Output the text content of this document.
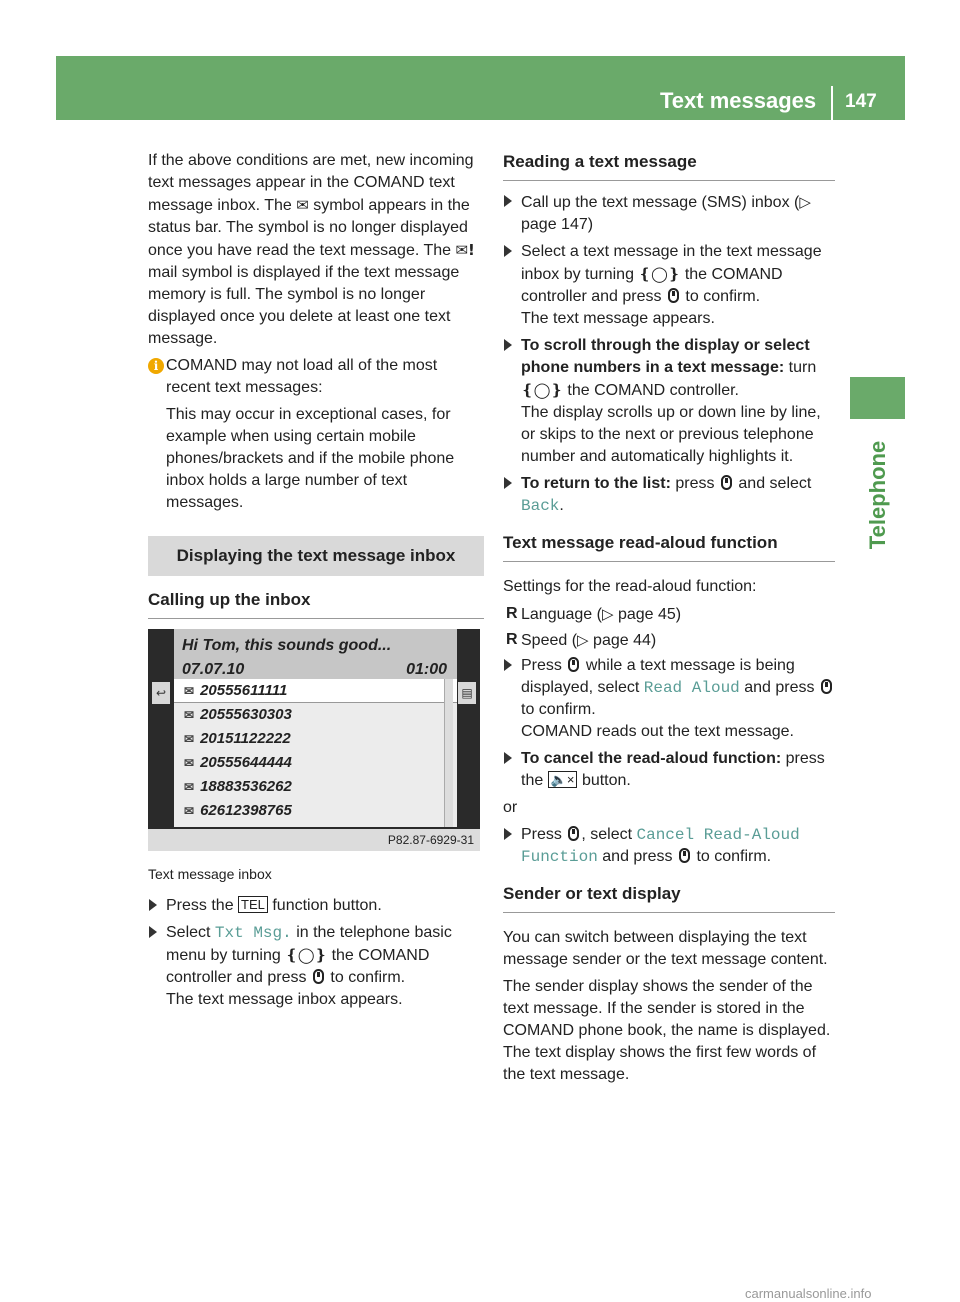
Text messages 147
Telephone

If the above conditions are met, new incoming text messages appear in the COMAND text message inbox. The ✉ symbol appears in the status bar. The symbol is no longer displayed once you have read the text message. The ✉! mail symbol is displayed if the text message memory is full. The symbol is no longer displayed once you delete at least one text message.

i COMAND may not load all of the most recent text messages:

This may occur in exceptional cases, for example when using certain mobile phones/brackets and if the mobile phone inbox holds a large number of text messages.

Displaying the text message inbox
Calling up the inbox
Hi Tom, this sounds good...
07.07.10	01:00
↩	▤
✉ 20555611111
✉ 20555630303
✉ 20151122222
✉ 20555644444
✉ 18883536262
✉ 62612398765
P82.87-6929-31

Text message inbox

Press the TEL function button.
Select Txt Msg. in the telephone basic menu by turning ❴◯❵ the COMAND controller and press to confirm.

The text message inbox appears.

Reading a text message
Call up the text message (SMS) inbox (▷ page 147)
Select a text message in the text message inbox by turning ❴◯❵ the COMAND controller and press to confirm.

The text message appears.

To scroll through the display or select phone numbers in a text message: turn ❴◯❵ the COMAND controller.

The display scrolls up or down line by line, or skips to the next or previous telephone number and automatically highlights it.

To return to the list: press and select Back.
Text message read-aloud function

Settings for the read-aloud function:

R Language (▷ page 45)
R Speed (▷ page 44)
Press while a text message is being displayed, select Read Aloud and press  to confirm.

COMAND reads out the text message.

To cancel the read-aloud function: press the 🔈× button.

or

Press , select Cancel Read-Aloud Function and press to confirm.
Sender or text display

You can switch between displaying the text message sender or the text message content.

The sender display shows the sender of the text message. If the sender is stored in the COMAND phone book, the name is displayed. The text display shows the first few words of the text message.

carmanualsonline.info
